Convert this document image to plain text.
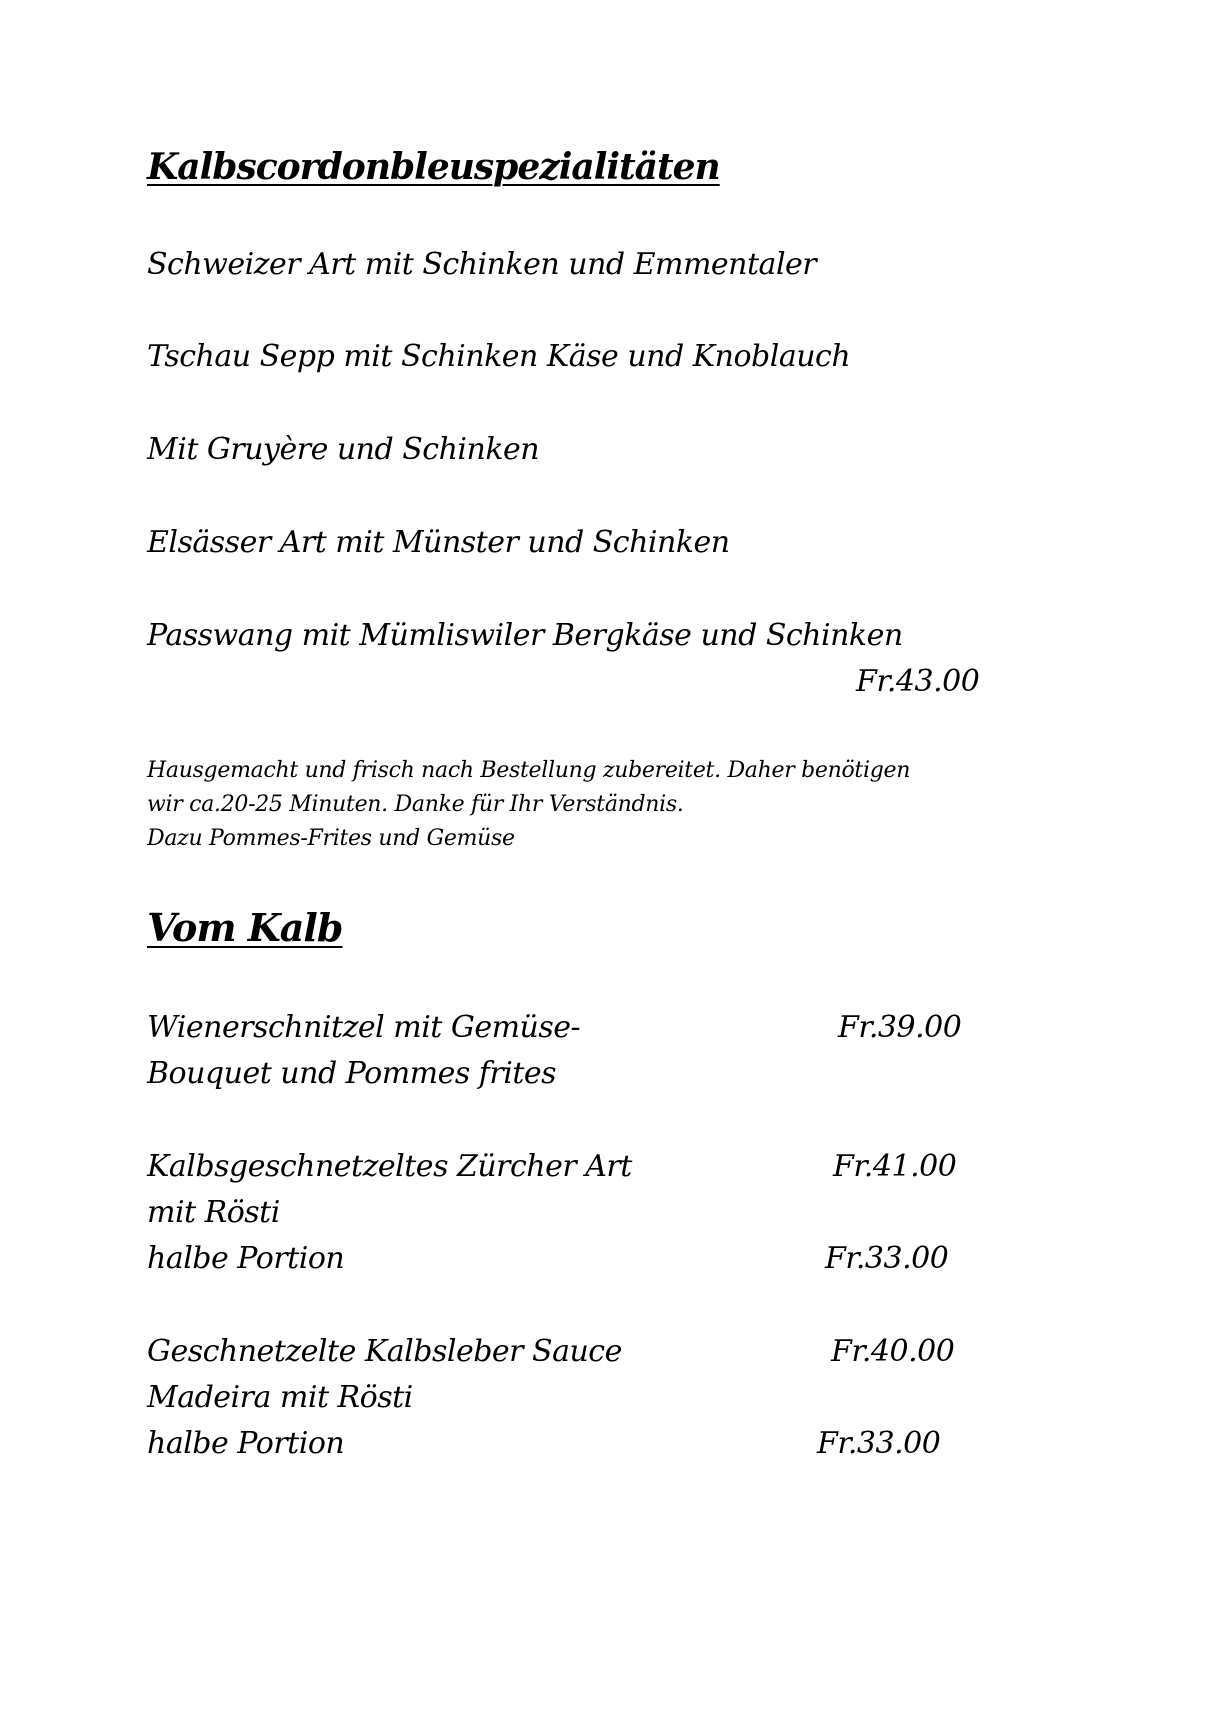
Kalbscordonbleuspezialitäten
Schweizer Art mit Schinken und Emmentaler
Tschau Sepp mit Schinken Käse und Knoblauch
Mit Gruyère und Schinken
Elsässer Art mit Münster und Schinken
Passwang mit Mümliswiler Bergkäse und Schinken
Fr.43.00
Hausgemacht und frisch nach Bestellung zubereitet. Daher benötigen
wir ca.20-25 Minuten. Danke für Ihr Verständnis.
Dazu Pommes-Frites und Gemüse
Vom Kalb
Wienerschnitzel mit Gemüse-	Fr.39.00
Bouquet und Pommes frites
Kalbsgeschnetzeltes Zürcher Art	Fr.41.00
mit Rösti
halbe Portion	Fr.33.00
Geschnetzelte Kalbsleber Sauce	Fr.40.00
Madeira mit Rösti
halbe Portion	Fr.33.00
